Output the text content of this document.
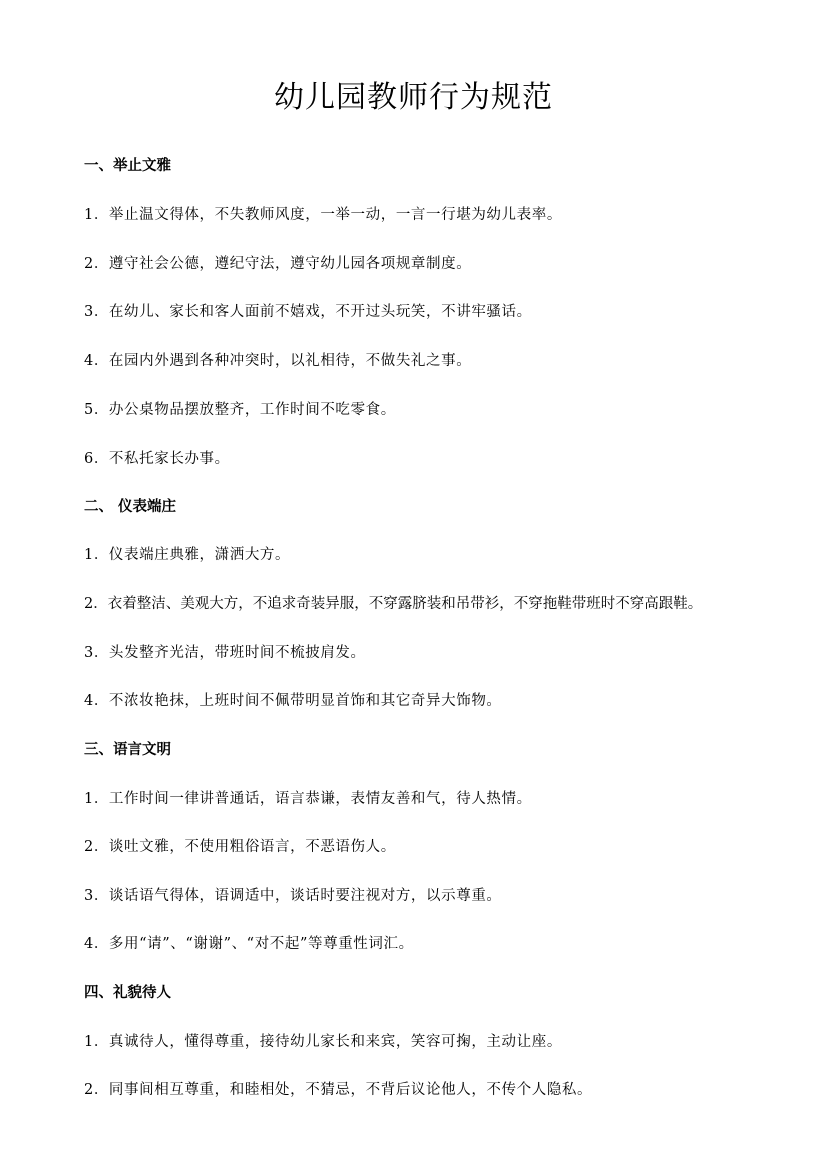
幼儿园教师行为规范
一、举止文雅
1．举止温文得体，不失教师风度，一举一动，一言一行堪为幼儿表率。
2．遵守社会公德，遵纪守法，遵守幼儿园各项规章制度。
3．在幼儿、家长和客人面前不嬉戏，不开过头玩笑，不讲牢骚话。
4．在园内外遇到各种冲突时，以礼相待，不做失礼之事。
5．办公桌物品摆放整齐，工作时间不吃零食。
6．不私托家长办事。
二、 仪表端庄
1．仪表端庄典雅，潇洒大方。
2．衣着整洁、美观大方，不追求奇装异服，不穿露脐装和吊带衫，不穿拖鞋带班时不穿高跟鞋。
3．头发整齐光洁，带班时间不梳披肩发。
4．不浓妆艳抹，上班时间不佩带明显首饰和其它奇异大饰物。
三、语言文明
1．工作时间一律讲普通话，语言恭谦，表情友善和气，待人热情。
2．谈吐文雅，不使用粗俗语言，不恶语伤人。
3．谈话语气得体，语调适中，谈话时要注视对方，以示尊重。
4．多用“请”、“谢谢”、“对不起”等尊重性词汇。
四、礼貌待人
1．真诚待人，懂得尊重，接待幼儿家长和来宾，笑容可掬，主动让座。
2．同事间相互尊重，和睦相处，不猜忌，不背后议论他人，不传个人隐私。
